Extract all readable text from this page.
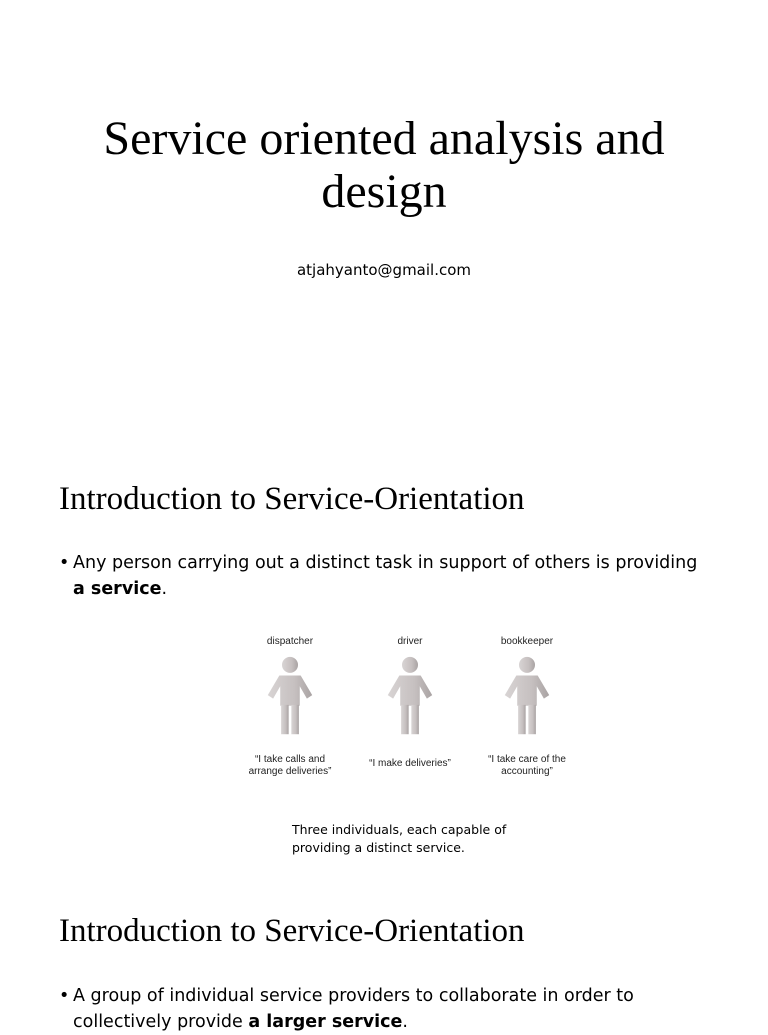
Service oriented analysis and design
atjahyanto@gmail.com
Introduction to Service-Orientation
• Any person carrying out a distinct task in support of others is providing a service.
dispatcher
“I take calls and arrange deliveries”
driver
“I make deliveries”
bookkeeper
“I take care of the accounting”
Three individuals, each capable of providing a distinct service.
Introduction to Service-Orientation
• A group of individual service providers to collaborate in order to collectively provide a larger service.
